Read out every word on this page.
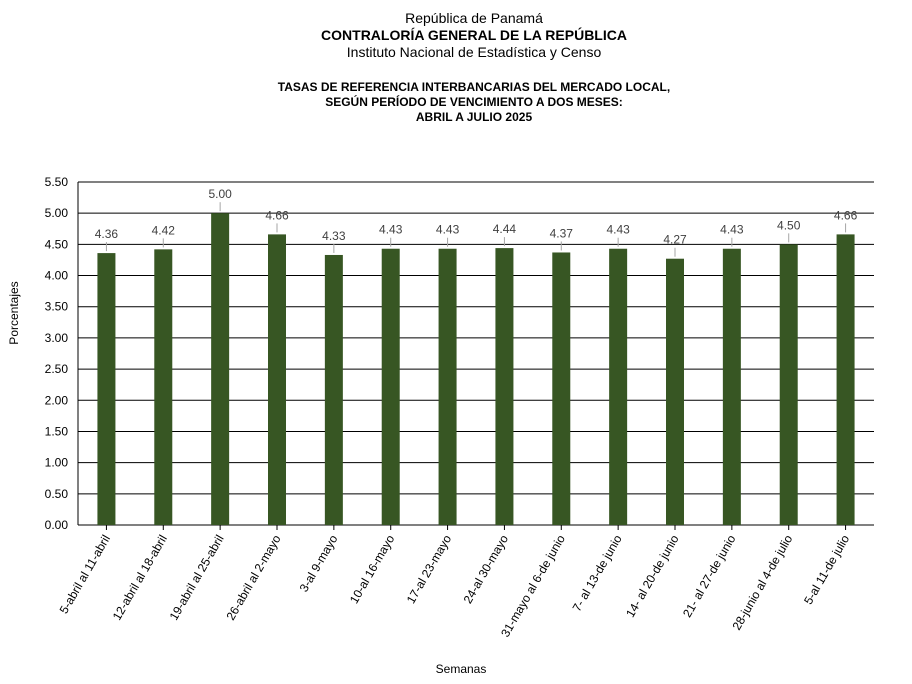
República de Panamá
CONTRALORÍA GENERAL DE LA REPÚBLICA
Instituto Nacional de Estadística y Censo
TASAS DE REFERENCIA INTERBANCARIAS DEL MERCADO LOCAL,
SEGÚN PERÍODO DE VENCIMIENTO A DOS MESES:
ABRIL A JULIO 2025
0.00
0.50
1.00
1.50
2.00
2.50
3.00
3.50
4.00
4.50
5.00
5.50
4.36	4.42
5.00
4.66
4.33	4.43	4.43	4.44	4.37	4.43
4.27
4.43	4.50
4.66
5-abril al 11-abril
12-abril al 18-abril
19-abril al 25-abril
26-abril al 2-mayo 3-al 9-mayo 10-al 16-mayo 17-al 23-mayo 24-al 30-mayo
31-mayo al 6-de junio 7- al 13-de junio
14- al 20-de junio
21- al 27-de junio
28-junio al 4-de julio 5-al 11-de julio
Porcentajes
Semanas
